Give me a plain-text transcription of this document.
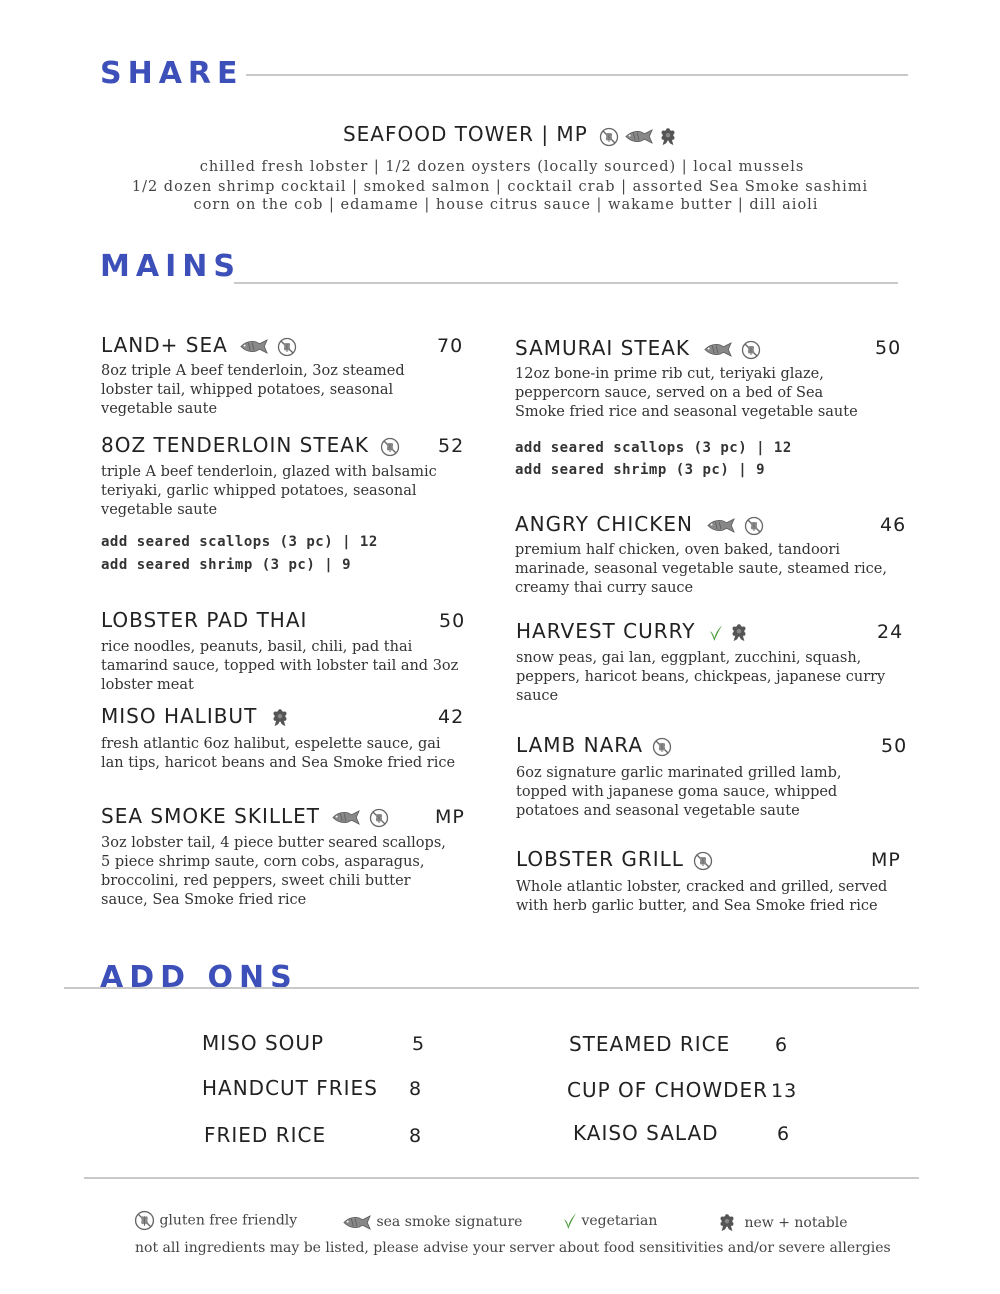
SHARE
SEAFOOD TOWER | MP

chilled fresh lobster | 1/2 dozen oysters (locally sourced) | local mussels
1/2 dozen shrimp cocktail | smoked salmon | cocktail crab | assorted Sea Smoke sashimi
corn on the cob | edamame | house citrus sauce | wakame butter | dill aioli
MAINS
LAND+ SEA
	70
8oz triple A beef tenderloin, 3oz steamed lobster tail, whipped potatoes, seasonal vegetable saute
8OZ TENDERLOIN STEAK	52
triple A beef tenderloin, glazed with balsamic teriyaki, garlic whipped potatoes, seasonal vegetable saute
add seared scallops (3 pc) | 12
add seared shrimp (3 pc) | 9
LOBSTER PAD THAI	50
rice noodles, peanuts, basil, chili, pad thai tamarind sauce, topped with lobster tail and 3oz lobster meat
MISO HALIBUT	42
fresh atlantic 6oz halibut, espelette sauce, gai lan tips, haricot beans and Sea Smoke fried rice
SEA SMOKE SKILLET
	MP
3oz lobster tail, 4 piece butter seared scallops, 5 piece shrimp saute, corn cobs, asparagus, broccolini, red peppers, sweet chili butter sauce, Sea Smoke fried rice
SAMURAI STEAK
	50
12oz bone-in prime rib cut, teriyaki glaze, peppercorn sauce, served on a bed of Sea Smoke fried rice and seasonal vegetable saute
add seared scallops (3 pc) | 12
add seared shrimp (3 pc) | 9
ANGRY CHICKEN
	46
premium half chicken, oven baked, tandoori marinade, seasonal vegetable saute, steamed rice, creamy thai curry sauce
HARVEST CURRY
	24
snow peas, gai lan, eggplant, zucchini, squash, peppers, haricot beans, chickpeas, japanese curry sauce
LAMB NARA	50
6oz signature garlic marinated grilled lamb, topped with japanese goma sauce, whipped potatoes and seasonal vegetable saute
LOBSTER GRILL	MP
Whole atlantic lobster, cracked and grilled, served with herb garlic butter, and Sea Smoke fried rice
ADD ONS
MISO SOUP	5
HANDCUT FRIES 8
FRIED RICE	8
STEAMED RICE 6
CUP OF CHOWDER 13
KAISO SALAD	6
gluten free friendly	sea smoke signature	vegetarian	new + notable
not all ingredients may be listed, please advise your server about food sensitivities and/or severe allergies
